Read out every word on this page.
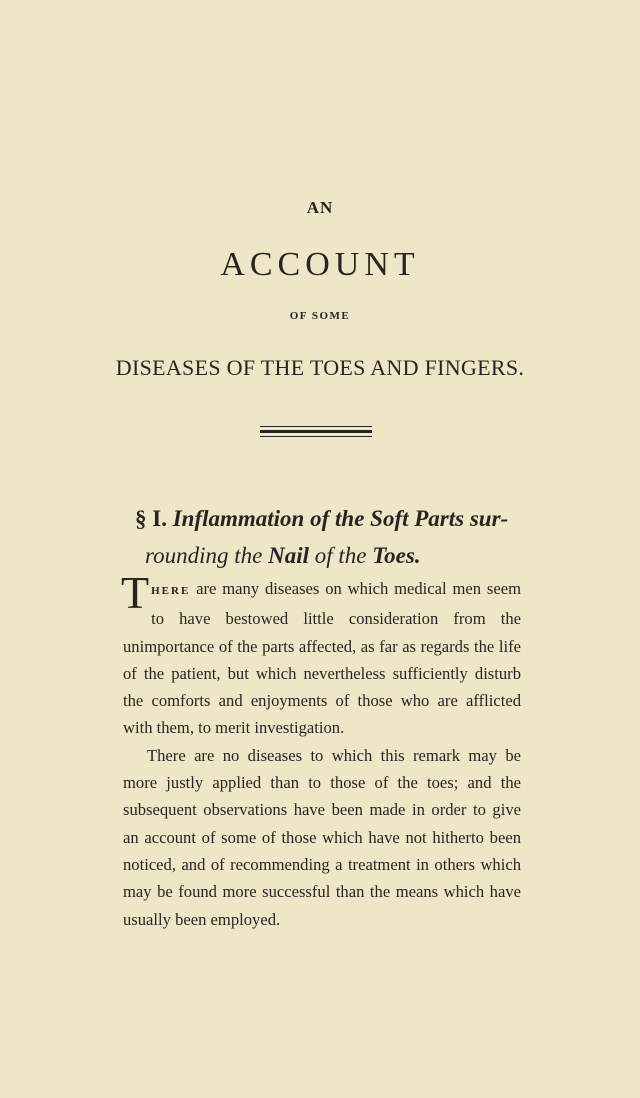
AN
ACCOUNT
OF SOME
DISEASES OF THE TOES AND FINGERS.
§ I. Inflammation of the Soft Parts sur-
rounding the Nail of the Toes.

THERE are many diseases on which medical men seem to have bestowed little consideration from the unimportance of the parts affected, as far as regards the life of the patient, but which nevertheless sufficiently disturb the comforts and enjoyments of those who are afflicted with them, to merit investigation.

There are no diseases to which this remark may be more justly applied than to those of the toes; and the subsequent observations have been made in order to give an account of some of those which have not hitherto been noticed, and of recommending a treatment in others which may be found more successful than the means which have usually been employed.
